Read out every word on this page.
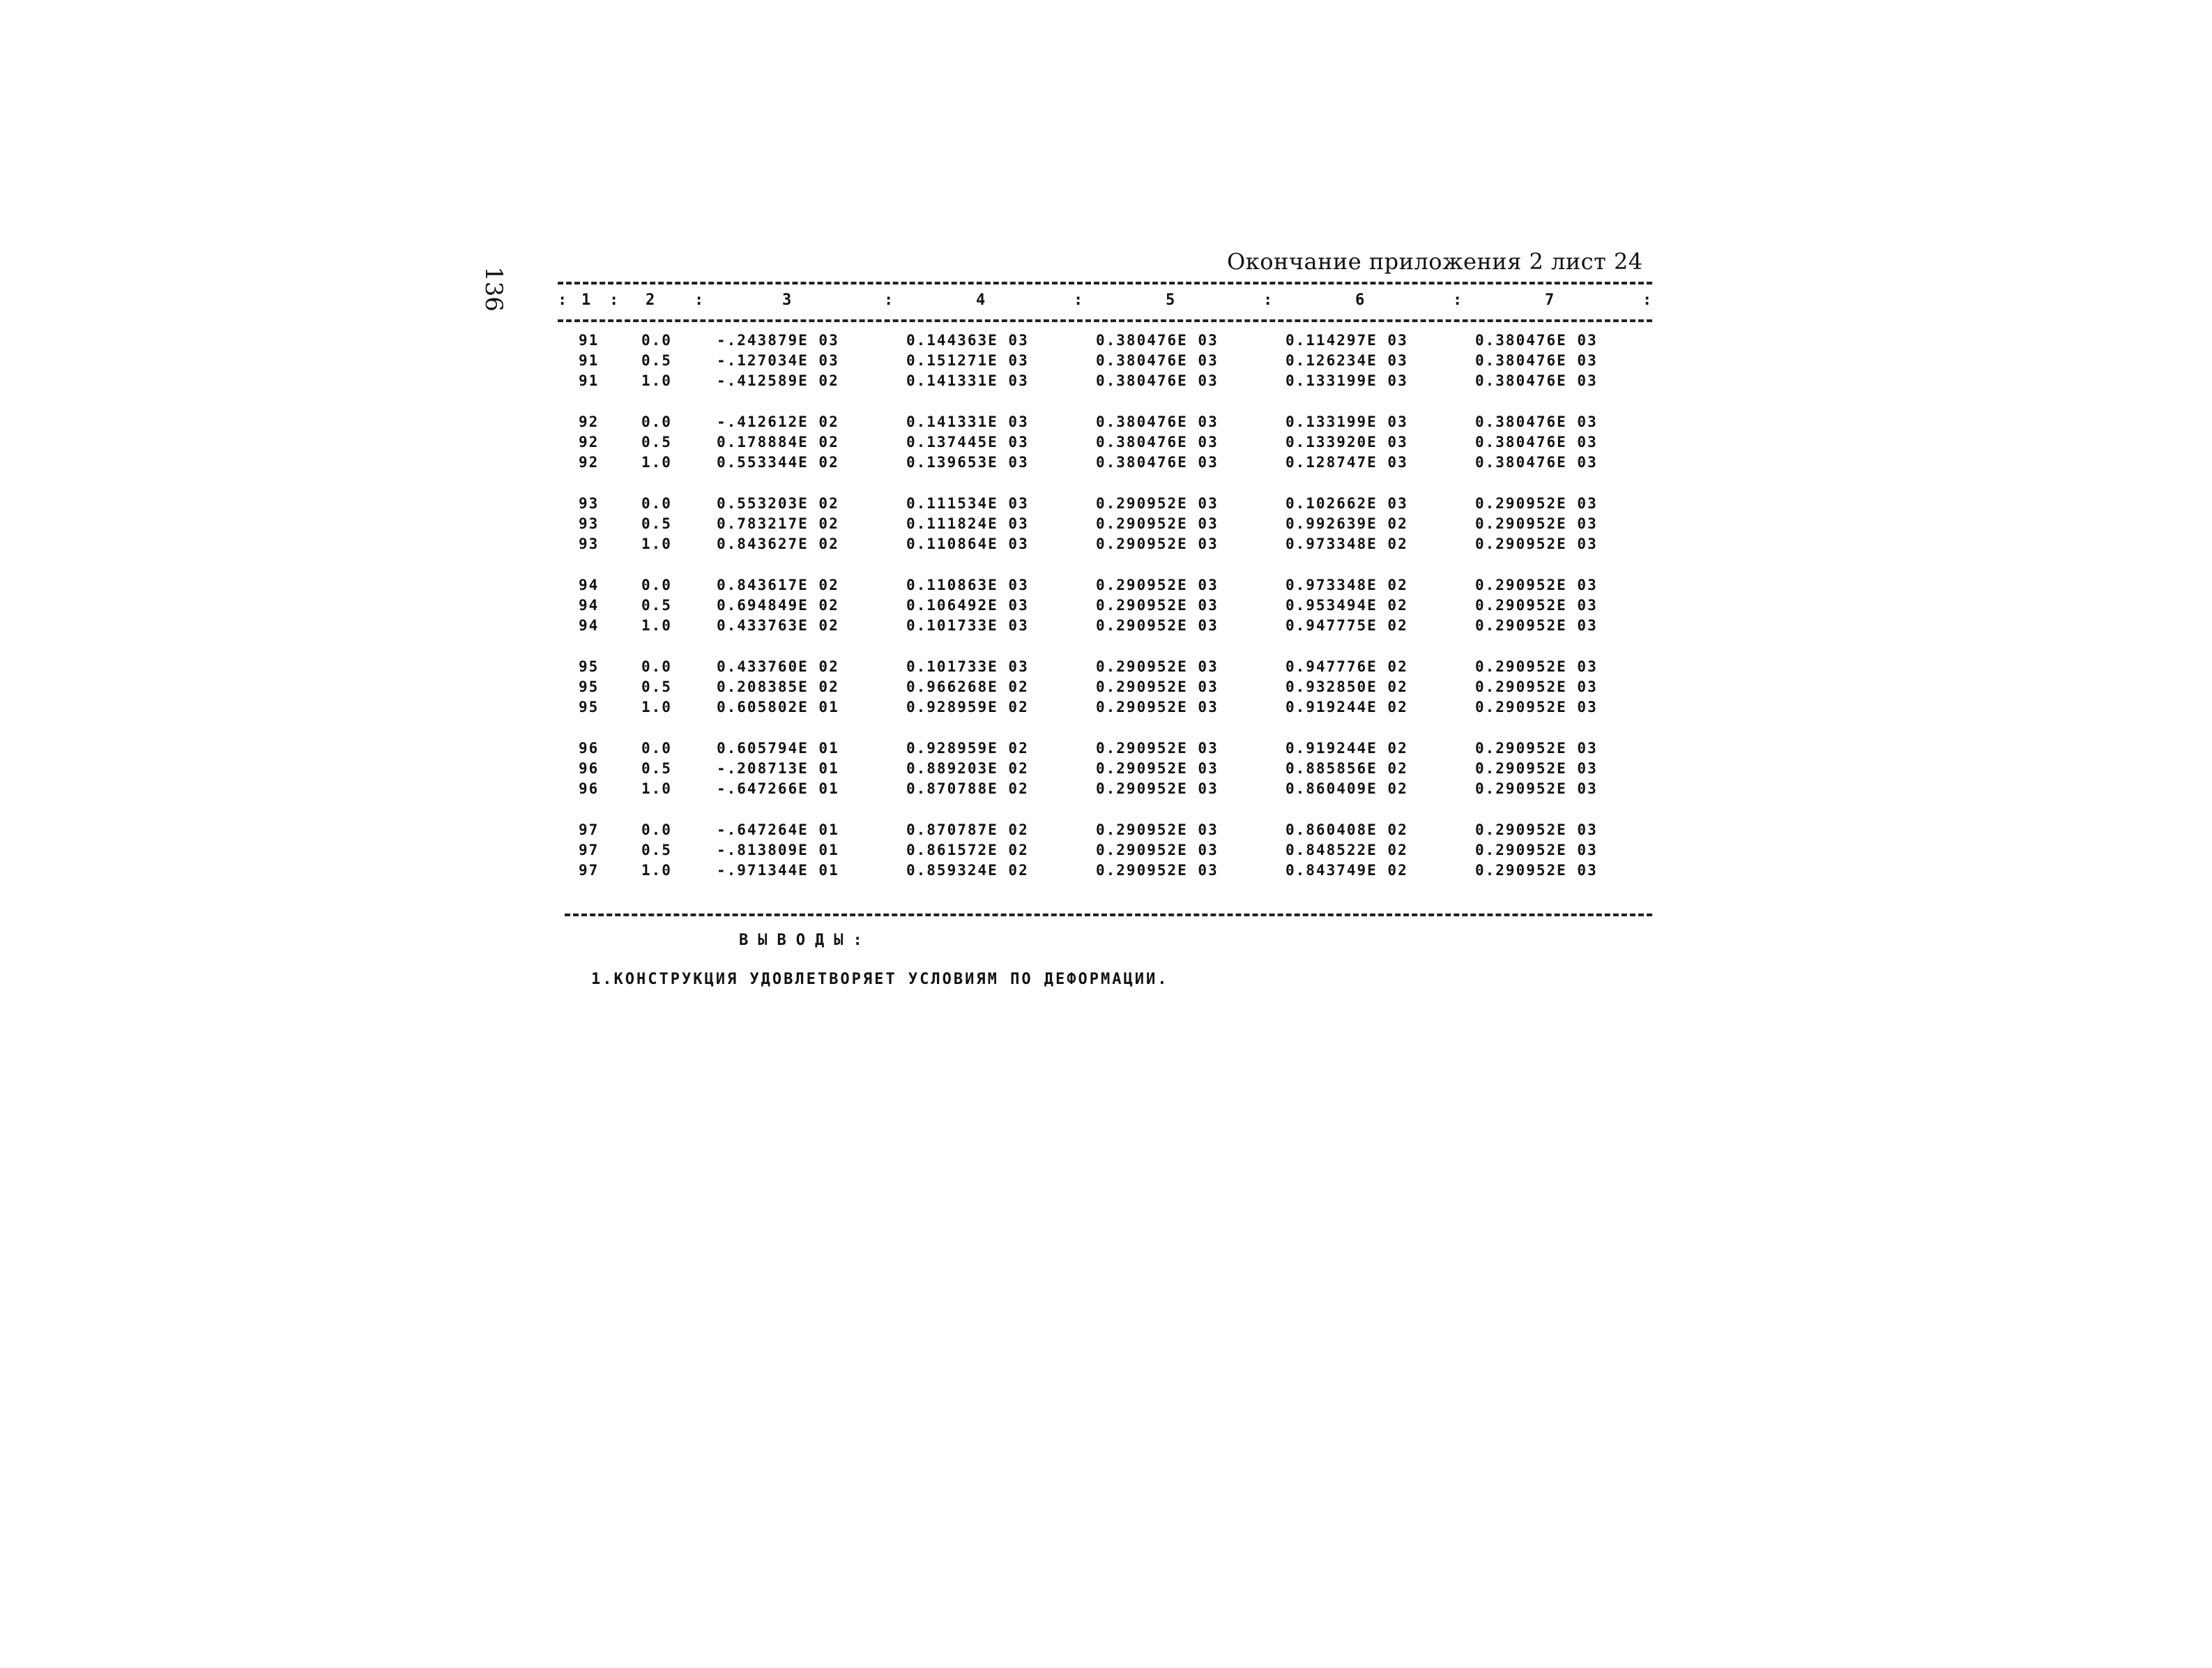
136
Окончание приложения 2 лист 24
: 1 : 2	:	3	:	4	:	5	:	6	:	7	:
91	0.0	-.243879E 03	0.144363E 03	0.380476E 03	0.114297E 03	0.380476E 03
91	0.5	-.127034E 03	0.151271E 03	0.380476E 03	0.126234E 03	0.380476E 03
91	1.0	-.412589E 02	0.141331E 03	0.380476E 03	0.133199E 03	0.380476E 03
92	0.0	-.412612E 02	0.141331E 03	0.380476E 03	0.133199E 03	0.380476E 03
92	0.5	0.178884E 02	0.137445E 03	0.380476E 03	0.133920E 03	0.380476E 03
92	1.0	0.553344E 02	0.139653E 03	0.380476E 03	0.128747E 03	0.380476E 03
93	0.0	0.553203E 02	0.111534E 03	0.290952E 03	0.102662E 03	0.290952E 03
93	0.5	0.783217E 02	0.111824E 03	0.290952E 03	0.992639E 02	0.290952E 03
93	1.0	0.843627E 02	0.110864E 03	0.290952E 03	0.973348E 02	0.290952E 03
94	0.0	0.843617E 02	0.110863E 03	0.290952E 03	0.973348E 02	0.290952E 03
94	0.5	0.694849E 02	0.106492E 03	0.290952E 03	0.953494E 02	0.290952E 03
94	1.0	0.433763E 02	0.101733E 03	0.290952E 03	0.947775E 02	0.290952E 03
95	0.0	0.433760E 02	0.101733E 03	0.290952E 03	0.947776E 02	0.290952E 03
95	0.5	0.208385E 02	0.966268E 02	0.290952E 03	0.932850E 02	0.290952E 03
95	1.0	0.605802E 01	0.928959E 02	0.290952E 03	0.919244E 02	0.290952E 03
96	0.0	0.605794E 01	0.928959E 02	0.290952E 03	0.919244E 02	0.290952E 03
96	0.5	-.208713E 01	0.889203E 02	0.290952E 03	0.885856E 02	0.290952E 03
96	1.0	-.647266E 01	0.870788E 02	0.290952E 03	0.860409E 02	0.290952E 03
97	0.0	-.647264E 01	0.870787E 02	0.290952E 03	0.860408E 02	0.290952E 03
97	0.5	-.813809E 01	0.861572E 02	0.290952E 03	0.848522E 02	0.290952E 03
97	1.0	-.971344E 01	0.859324E 02	0.290952E 03	0.843749E 02	0.290952E 03
ВЫВОДЫ:
1.КОНСТРУКЦИЯ УДОВЛЕТВОРЯЕТ УСЛОВИЯМ ПО ДЕФОРМАЦИИ.
